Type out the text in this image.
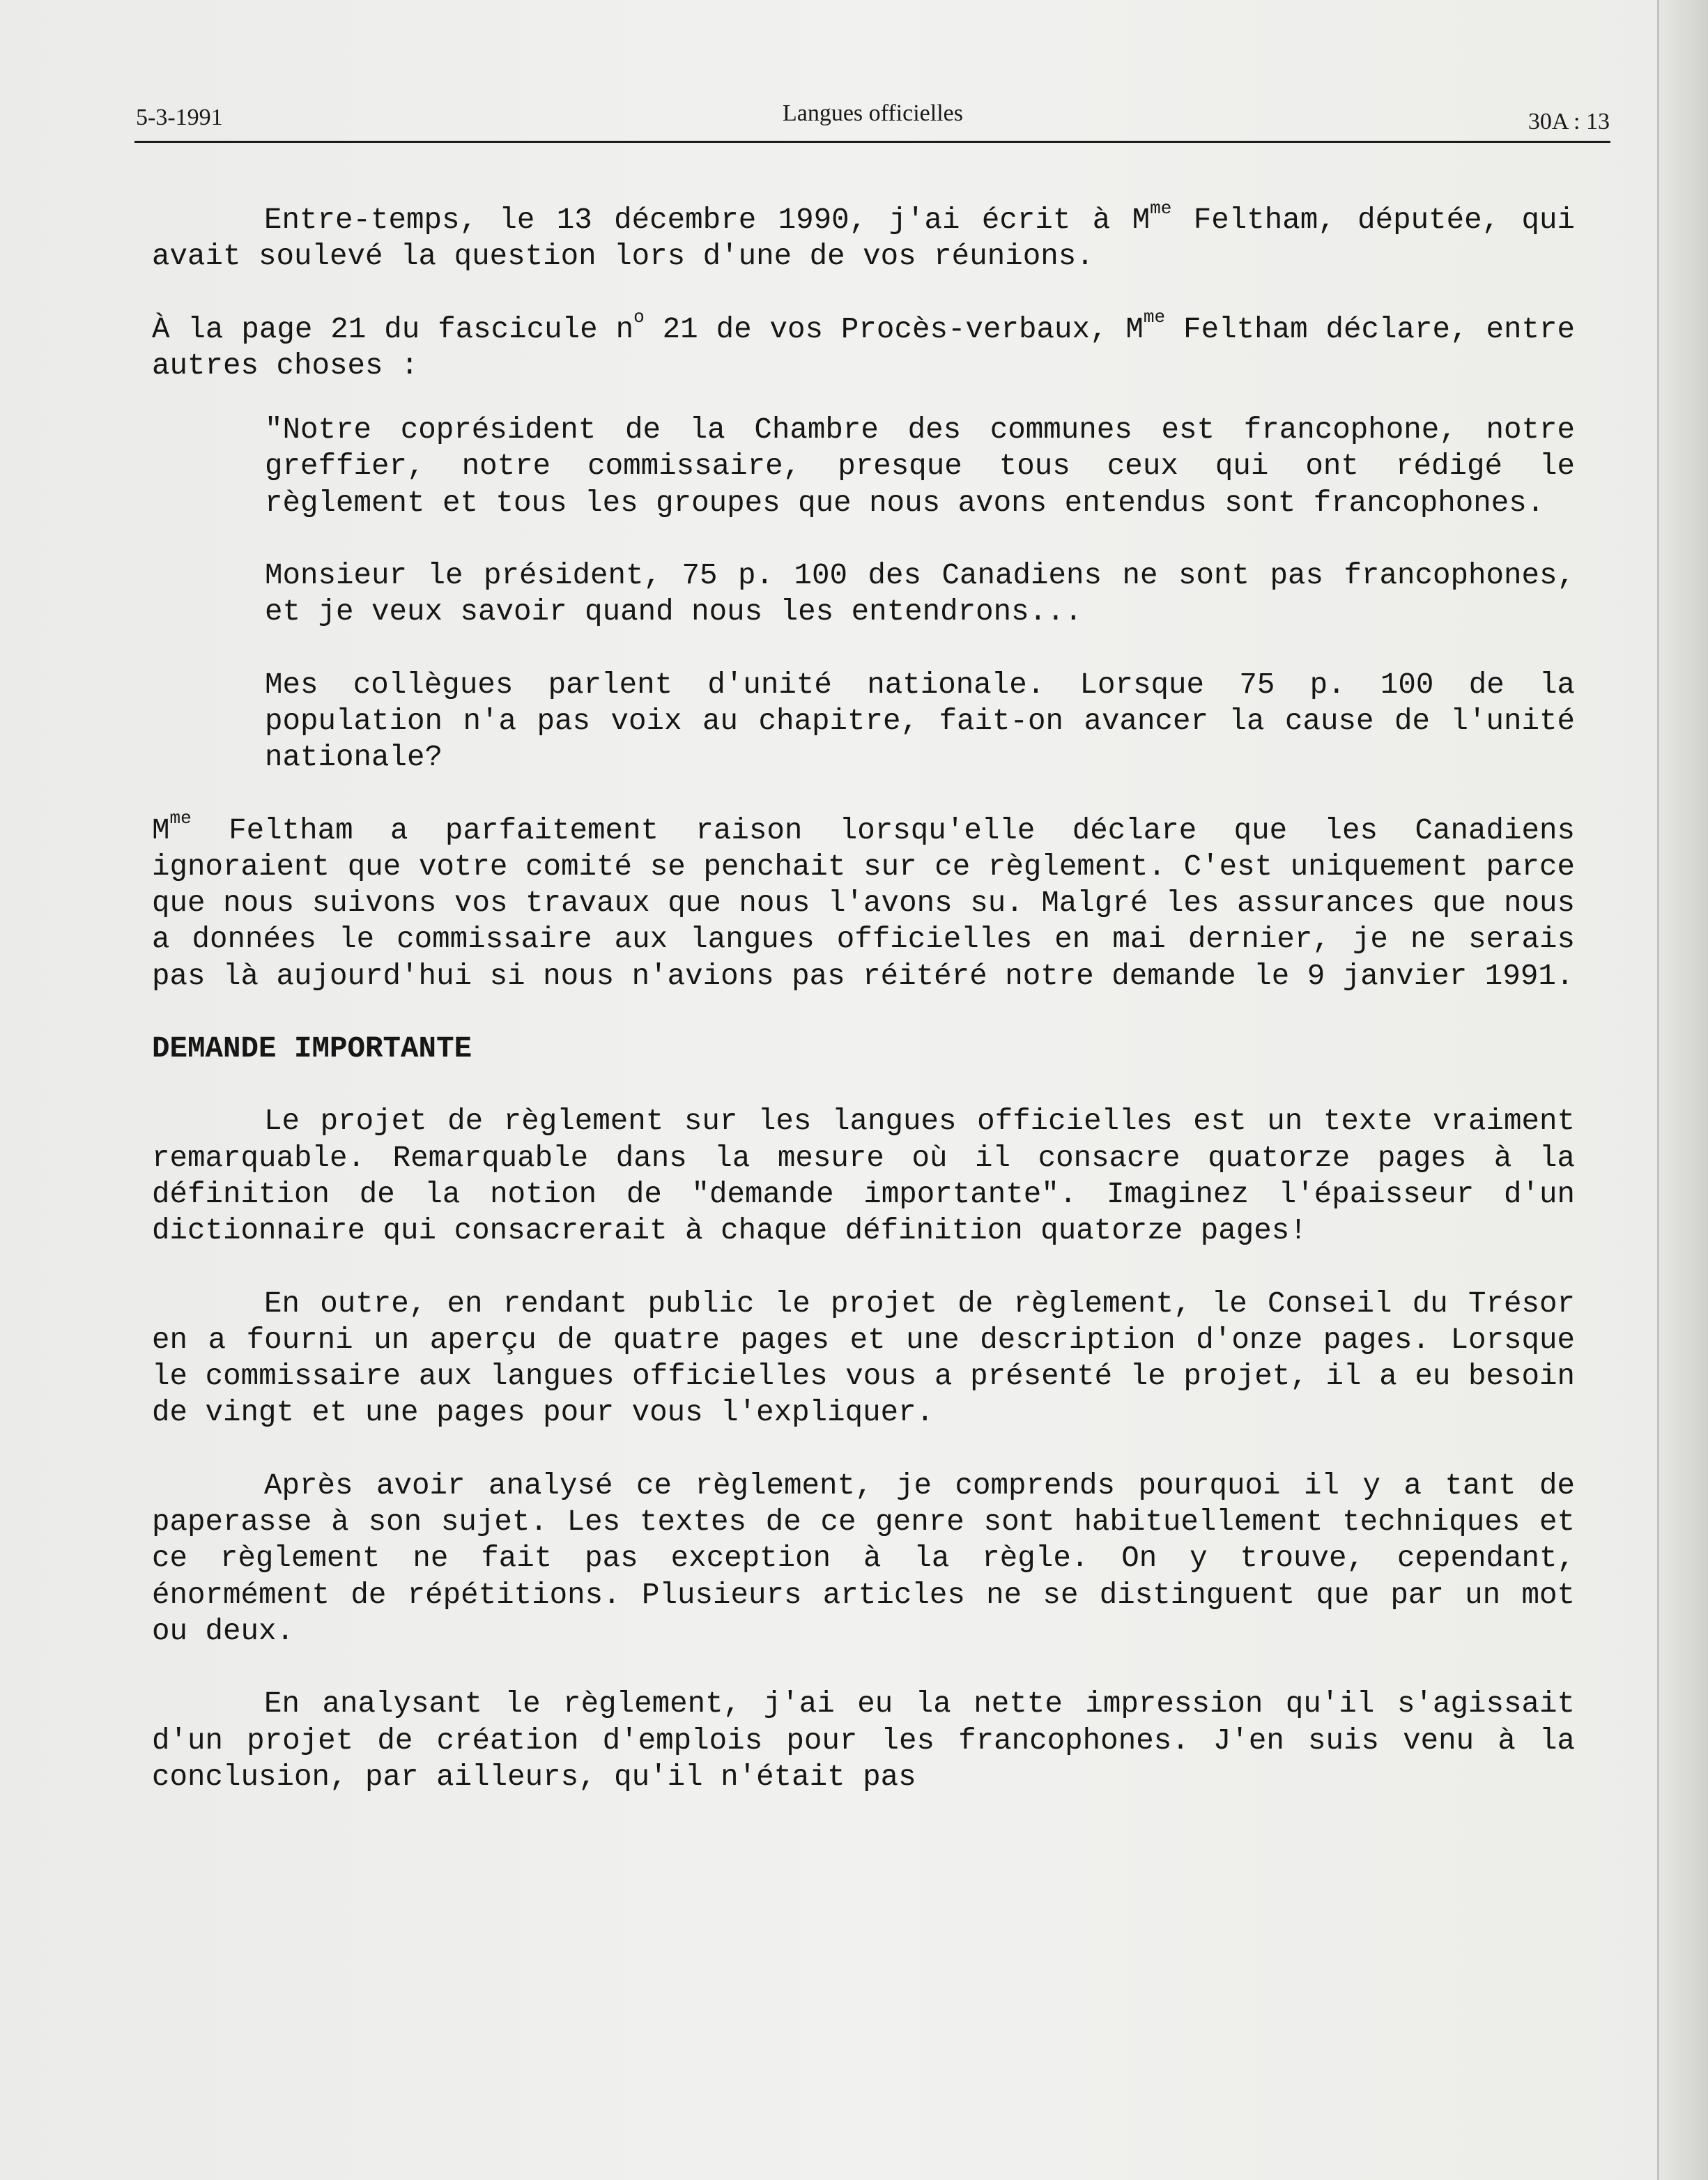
5-3-1991	Langues officielles	30A : 13

Entre-temps, le 13 décembre 1990, j'ai écrit à $M^{me}$ Feltham, députée, qui avait soulevé la question lors d'une de vos réunions.

À la page 21 du fascicule $n^o$ 21 de vos Procès-verbaux, $M^{me}$ Feltham déclare, entre autres choses :

"Notre coprésident de la Chambre des communes est francophone, notre greffier, notre commissaire, presque tous ceux qui ont rédigé le règlement et tous les groupes que nous avons entendus sont francophones.

Monsieur le président, 75 p. 100 des Canadiens ne sont pas francophones, et je veux savoir quand nous les entendrons...

Mes collègues parlent d'unité nationale. Lorsque 75 p. 100 de la population n'a pas voix au chapitre, fait-on avancer la cause de l'unité nationale?

$M^{me}$ Feltham a parfaitement raison lorsqu'elle déclare que les Canadiens ignoraient que votre comité se penchait sur ce règlement. C'est uniquement parce que nous suivons vos travaux que nous l'avons su. Malgré les assurances que nous a données le commissaire aux langues officielles en mai dernier, je ne serais pas là aujourd'hui si nous n'avions pas réitéré notre demande le 9 janvier 1991.

DEMANDE IMPORTANTE

Le projet de règlement sur les langues officielles est un texte vraiment remarquable. Remarquable dans la mesure où il consacre quatorze pages à la définition de la notion de "demande importante". Imaginez l'épaisseur d'un dictionnaire qui consacrerait à chaque définition quatorze pages!

En outre, en rendant public le projet de règlement, le Conseil du Trésor en a fourni un aperçu de quatre pages et une description d'onze pages. Lorsque le commissaire aux langues officielles vous a présenté le projet, il a eu besoin de vingt et une pages pour vous l'expliquer.

Après avoir analysé ce règlement, je comprends pourquoi il y a tant de paperasse à son sujet. Les textes de ce genre sont habituellement techniques et ce règlement ne fait pas exception à la règle. On y trouve, cependant, énormément de répétitions. Plusieurs articles ne se distinguent que par un mot ou deux.

En analysant le règlement, j'ai eu la nette impression qu'il s'agissait d'un projet de création d'emplois pour les francophones. J'en suis venu à la conclusion, par ailleurs, qu'il n'était pas
